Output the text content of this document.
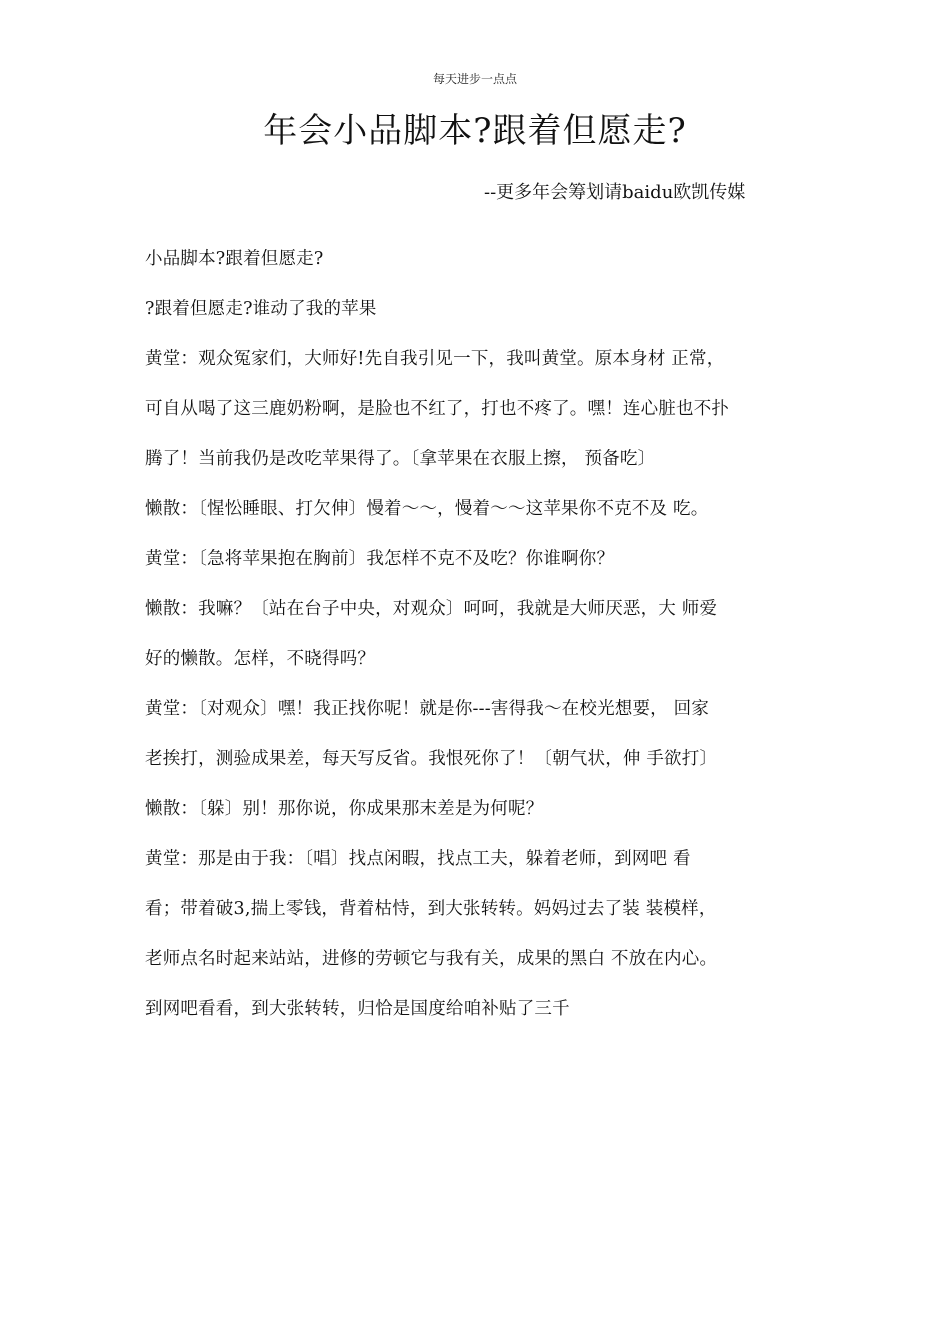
每天进步一点点
年会小品脚本?跟着但愿走?
--更多年会筹划请baidu欧凯传媒
小品脚本?跟着但愿走?
?跟着但愿走?谁动了我的苹果
黄堂：观众冤家们，大师好!先自我引见一下，我叫黄堂。原本身材 正常，
可自从喝了这三鹿奶粉啊，是脸也不红了，打也不疼了。嘿！连心脏也不扑
腾了！当前我仍是改吃苹果得了。〔拿苹果在衣服上擦， 预备吃〕
懒散：〔惺忪睡眼、打欠伸〕慢着〜〜，慢着〜〜这苹果你不克不及 吃。
黄堂：〔急将苹果抱在胸前〕我怎样不克不及吃？你谁啊你？
懒散：我嘛？〔站在台子中央，对观众〕呵呵，我就是大师厌恶，大 师爱
好的懒散。怎样，不晓得吗？
黄堂：〔对观众〕嘿！我正找你呢！就是你---害得我〜在校光想要， 回家
老挨打，测验成果差，每天写反省。我恨死你了！〔朝气状，伸 手欲打〕
懒散：〔躲〕别！那你说，你成果那末差是为何呢？
黄堂：那是由于我：〔唱〕找点闲暇，找点工夫，躲着老师，到网吧 看
看；带着破3,揣上零钱，背着枯恃，到大张转转。妈妈过去了装 装模样，
老师点名时起来站站，进修的劳顿它与我有关，成果的黑白 不放在内心。
到网吧看看，到大张转转，归恰是国度给咱补贴了三千
